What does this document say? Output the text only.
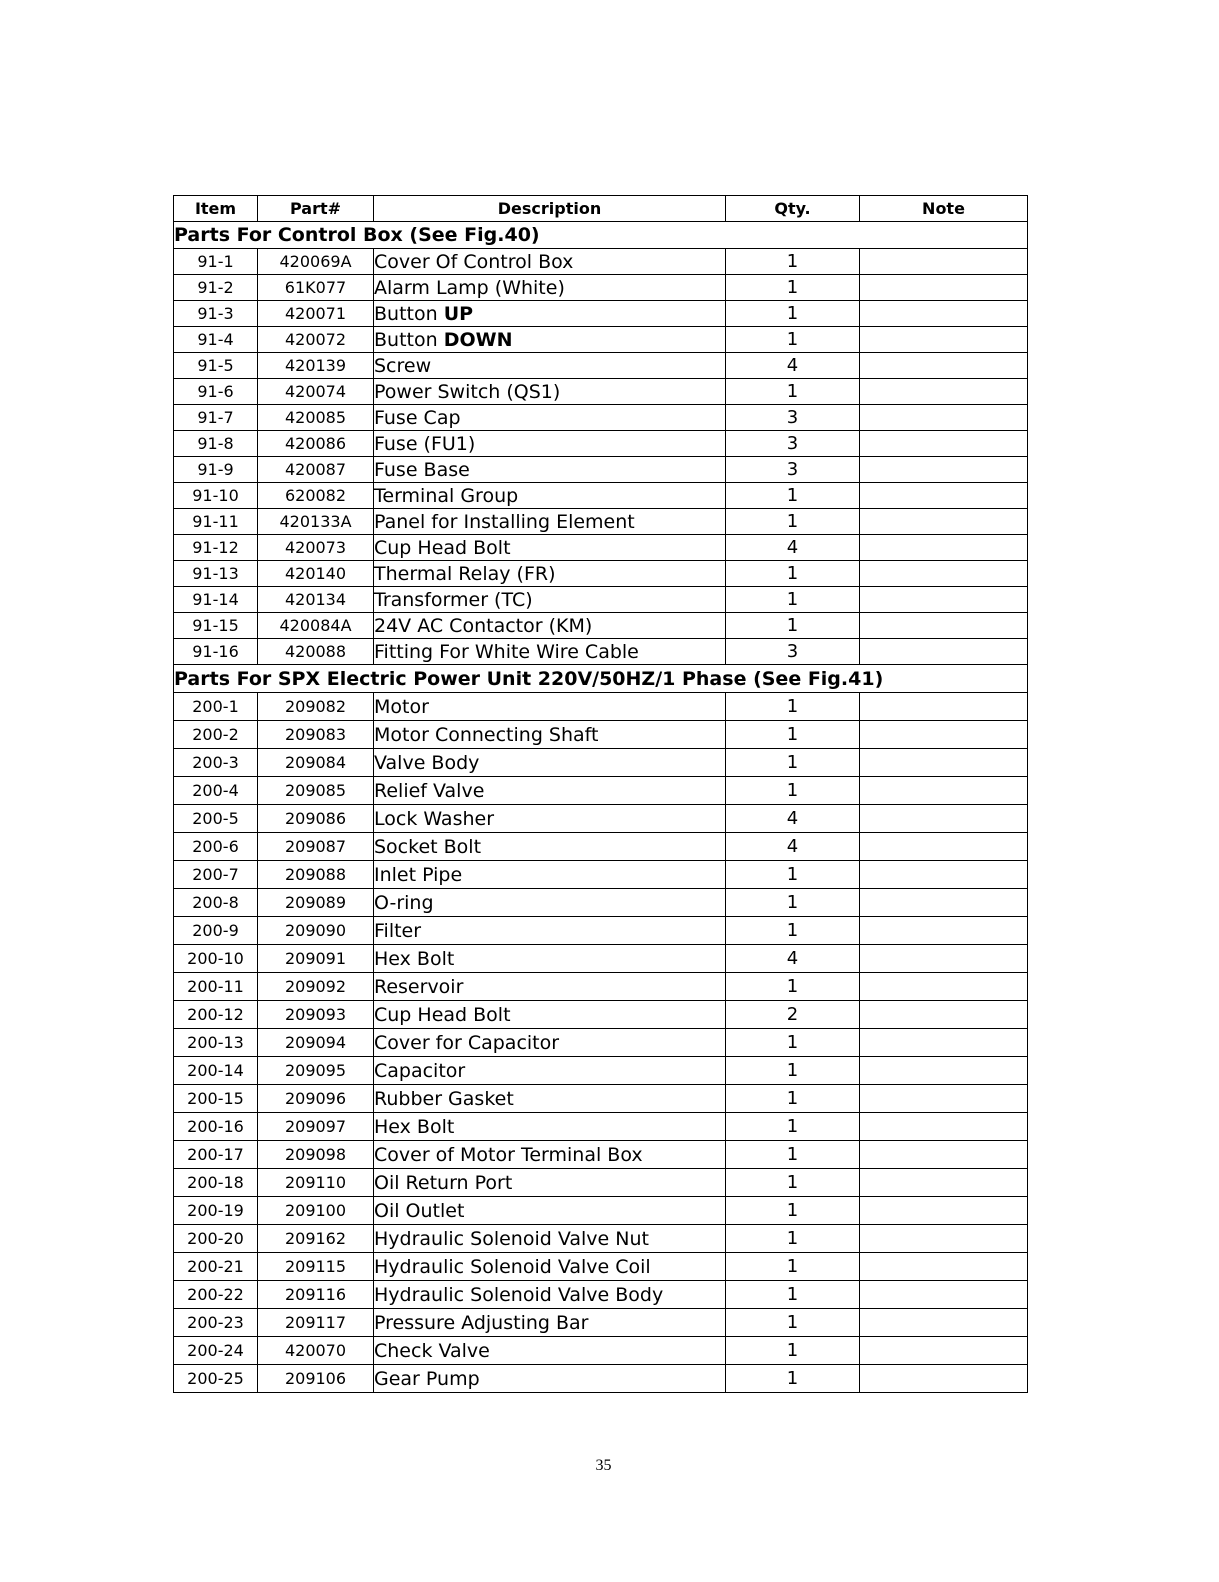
Item	Part#	Description	Qty.	Note
Parts For Control Box (See Fig.40)				
91-1	420069A	Cover Of Control Box	1	
91-2	61K077	Alarm Lamp (White)	1	
91-3	420071	Button UP	1	
91-4	420072	Button DOWN	1	
91-5	420139	Screw	4	
91-6	420074	Power Switch (QS1)	1	
91-7	420085	Fuse Cap	3	
91-8	420086	Fuse (FU1)	3	
91-9	420087	Fuse Base	3	
91-10	620082	Terminal Group	1	
91-11	420133A	Panel for Installing Element	1	
91-12	420073	Cup Head Bolt	4	
91-13	420140	Thermal Relay (FR)	1	
91-14	420134	Transformer (TC)	1	
91-15	420084A	24V AC Contactor (KM)	1	
91-16	420088	Fitting For White Wire Cable	3	
Parts For SPX Electric Power Unit 220V/50HZ/1 Phase (See Fig.41)				
200-1	209082	Motor	1	
200-2	209083	Motor Connecting Shaft	1	
200-3	209084	Valve Body	1	
200-4	209085	Relief Valve	1	
200-5	209086	Lock Washer	4	
200-6	209087	Socket Bolt	4	
200-7	209088	Inlet Pipe	1	
200-8	209089	O-ring	1	
200-9	209090	Filter	1	
200-10	209091	Hex Bolt	4	
200-11	209092	Reservoir	1	
200-12	209093	Cup Head Bolt	2	
200-13	209094	Cover for Capacitor	1	
200-14	209095	Capacitor	1	
200-15	209096	Rubber Gasket	1	
200-16	209097	Hex Bolt	1	
200-17	209098	Cover of Motor Terminal Box	1	
200-18	209110	Oil Return Port	1	
200-19	209100	Oil Outlet	1	
200-20	209162	Hydraulic Solenoid Valve Nut	1	
200-21	209115	Hydraulic Solenoid Valve Coil	1	
200-22	209116	Hydraulic Solenoid Valve Body	1	
200-23	209117	Pressure Adjusting Bar	1	
200-24	420070	Check Valve	1	
200-25	209106	Gear Pump	1	
35
